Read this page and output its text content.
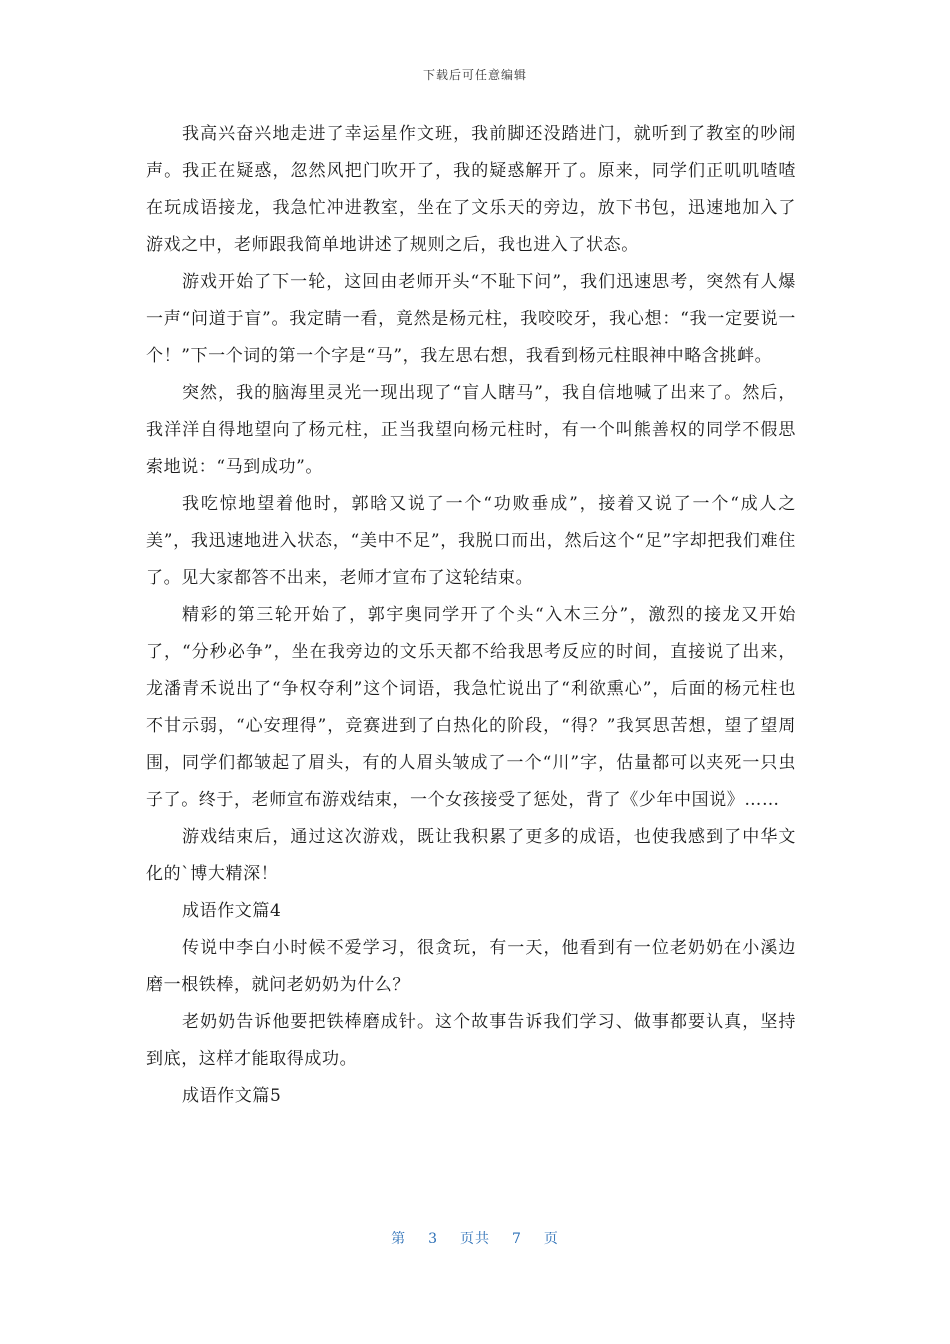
下载后可任意编辑

我高兴奋兴地走进了幸运星作文班，我前脚还没踏进门，就听到了教室的吵闹声。我正在疑惑，忽然风把门吹开了，我的疑惑解开了。原来，同学们正叽叽喳喳在玩成语接龙，我急忙冲进教室，坐在了文乐天的旁边，放下书包，迅速地加入了游戏之中，老师跟我简单地讲述了规则之后，我也进入了状态。

游戏开始了下一轮，这回由老师开头“不耻下问”，我们迅速思考，突然有人爆一声“问道于盲”。我定睛一看，竟然是杨元柱，我咬咬牙，我心想：“我一定要说一个！”下一个词的第一个字是“马”，我左思右想，我看到杨元柱眼神中略含挑衅。

突然，我的脑海里灵光一现出现了“盲人瞎马”，我自信地喊了出来了。然后，我洋洋自得地望向了杨元柱，正当我望向杨元柱时，有一个叫熊善权的同学不假思索地说：“马到成功”。

我吃惊地望着他时，郭晗又说了一个“功败垂成”，接着又说了一个“成人之美”，我迅速地进入状态，“美中不足”，我脱口而出，然后这个“足”字却把我们难住了。见大家都答不出来，老师才宣布了这轮结束。

精彩的第三轮开始了，郭宇奥同学开了个头“入木三分”，激烈的接龙又开始了，“分秒必争”，坐在我旁边的文乐天都不给我思考反应的时间，直接说了出来，龙潘青禾说出了“争权夺利”这个词语，我急忙说出了“利欲熏心”，后面的杨元柱也不甘示弱，“心安理得”，竞赛进到了白热化的阶段，“得？”我冥思苦想，望了望周围，同学们都皱起了眉头，有的人眉头皱成了一个“川”字，估量都可以夹死一只虫子了。终于，老师宣布游戏结束，一个女孩接受了惩处，背了《少年中国说》……

游戏结束后，通过这次游戏，既让我积累了更多的成语，也使我感到了中华文化的`博大精深！

成语作文篇4

传说中李白小时候不爱学习，很贪玩，有一天，他看到有一位老奶奶在小溪边磨一根铁棒，就问老奶奶为什么？

老奶奶告诉他要把铁棒磨成针。这个故事告诉我们学习、做事都要认真，坚持到底，这样才能取得成功。

成语作文篇5

第 3 页共 7 页
